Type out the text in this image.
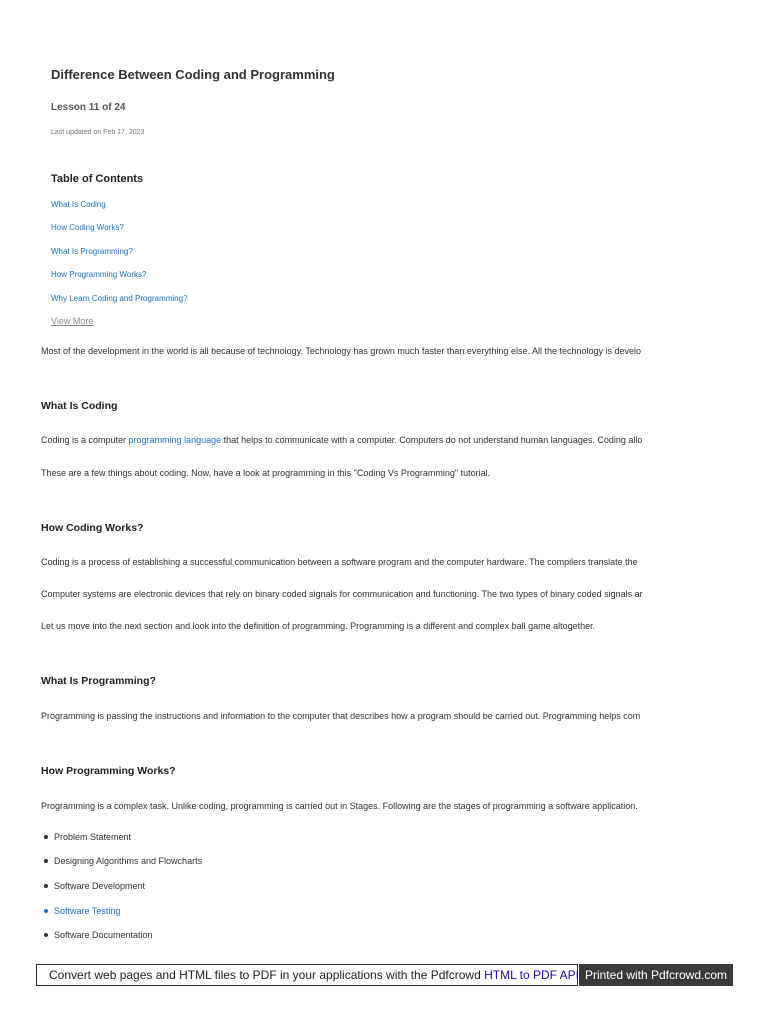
Difference Between Coding and Programming
Lesson 11 of 24
Last updated on Feb 17, 2023
Table of Contents
What Is Coding
How Coding Works?
What Is Programming?
How Programming Works?
Why Learn Coding and Programming?
View More
Most of the development in the world is all because of technology. Technology has grown much faster than everything else. All the technology is develo
What Is Coding
Coding is a computer programming language that helps to communicate with a computer. Computers do not understand human languages. Coding allo
These are a few things about coding. Now, have a look at programming in this "Coding Vs Programming" tutorial.
How Coding Works?
Coding is a process of establishing a successful communication between a software program and the computer hardware. The compilers translate the
Computer systems are electronic devices that rely on binary coded signals for communication and functioning. The two types of binary coded signals ar
Let us move into the next section and look into the definition of programming. Programming is a different and complex ball game altogether.
What Is Programming?
Programming is passing the instructions and information to the computer that describes how a program should be carried out. Programming helps com
How Programming Works?
Programming is a complex task. Unlike coding, programming is carried out in Stages. Following are the stages of programming a software application.
Problem Statement
Designing Algorithms and Flowcharts
Software Development
Software Testing
Software Documentation
Convert web pages and HTML files to PDF in your applications with the Pdfcrowd HTML to PDF API Printed with Pdfcrowd.com
